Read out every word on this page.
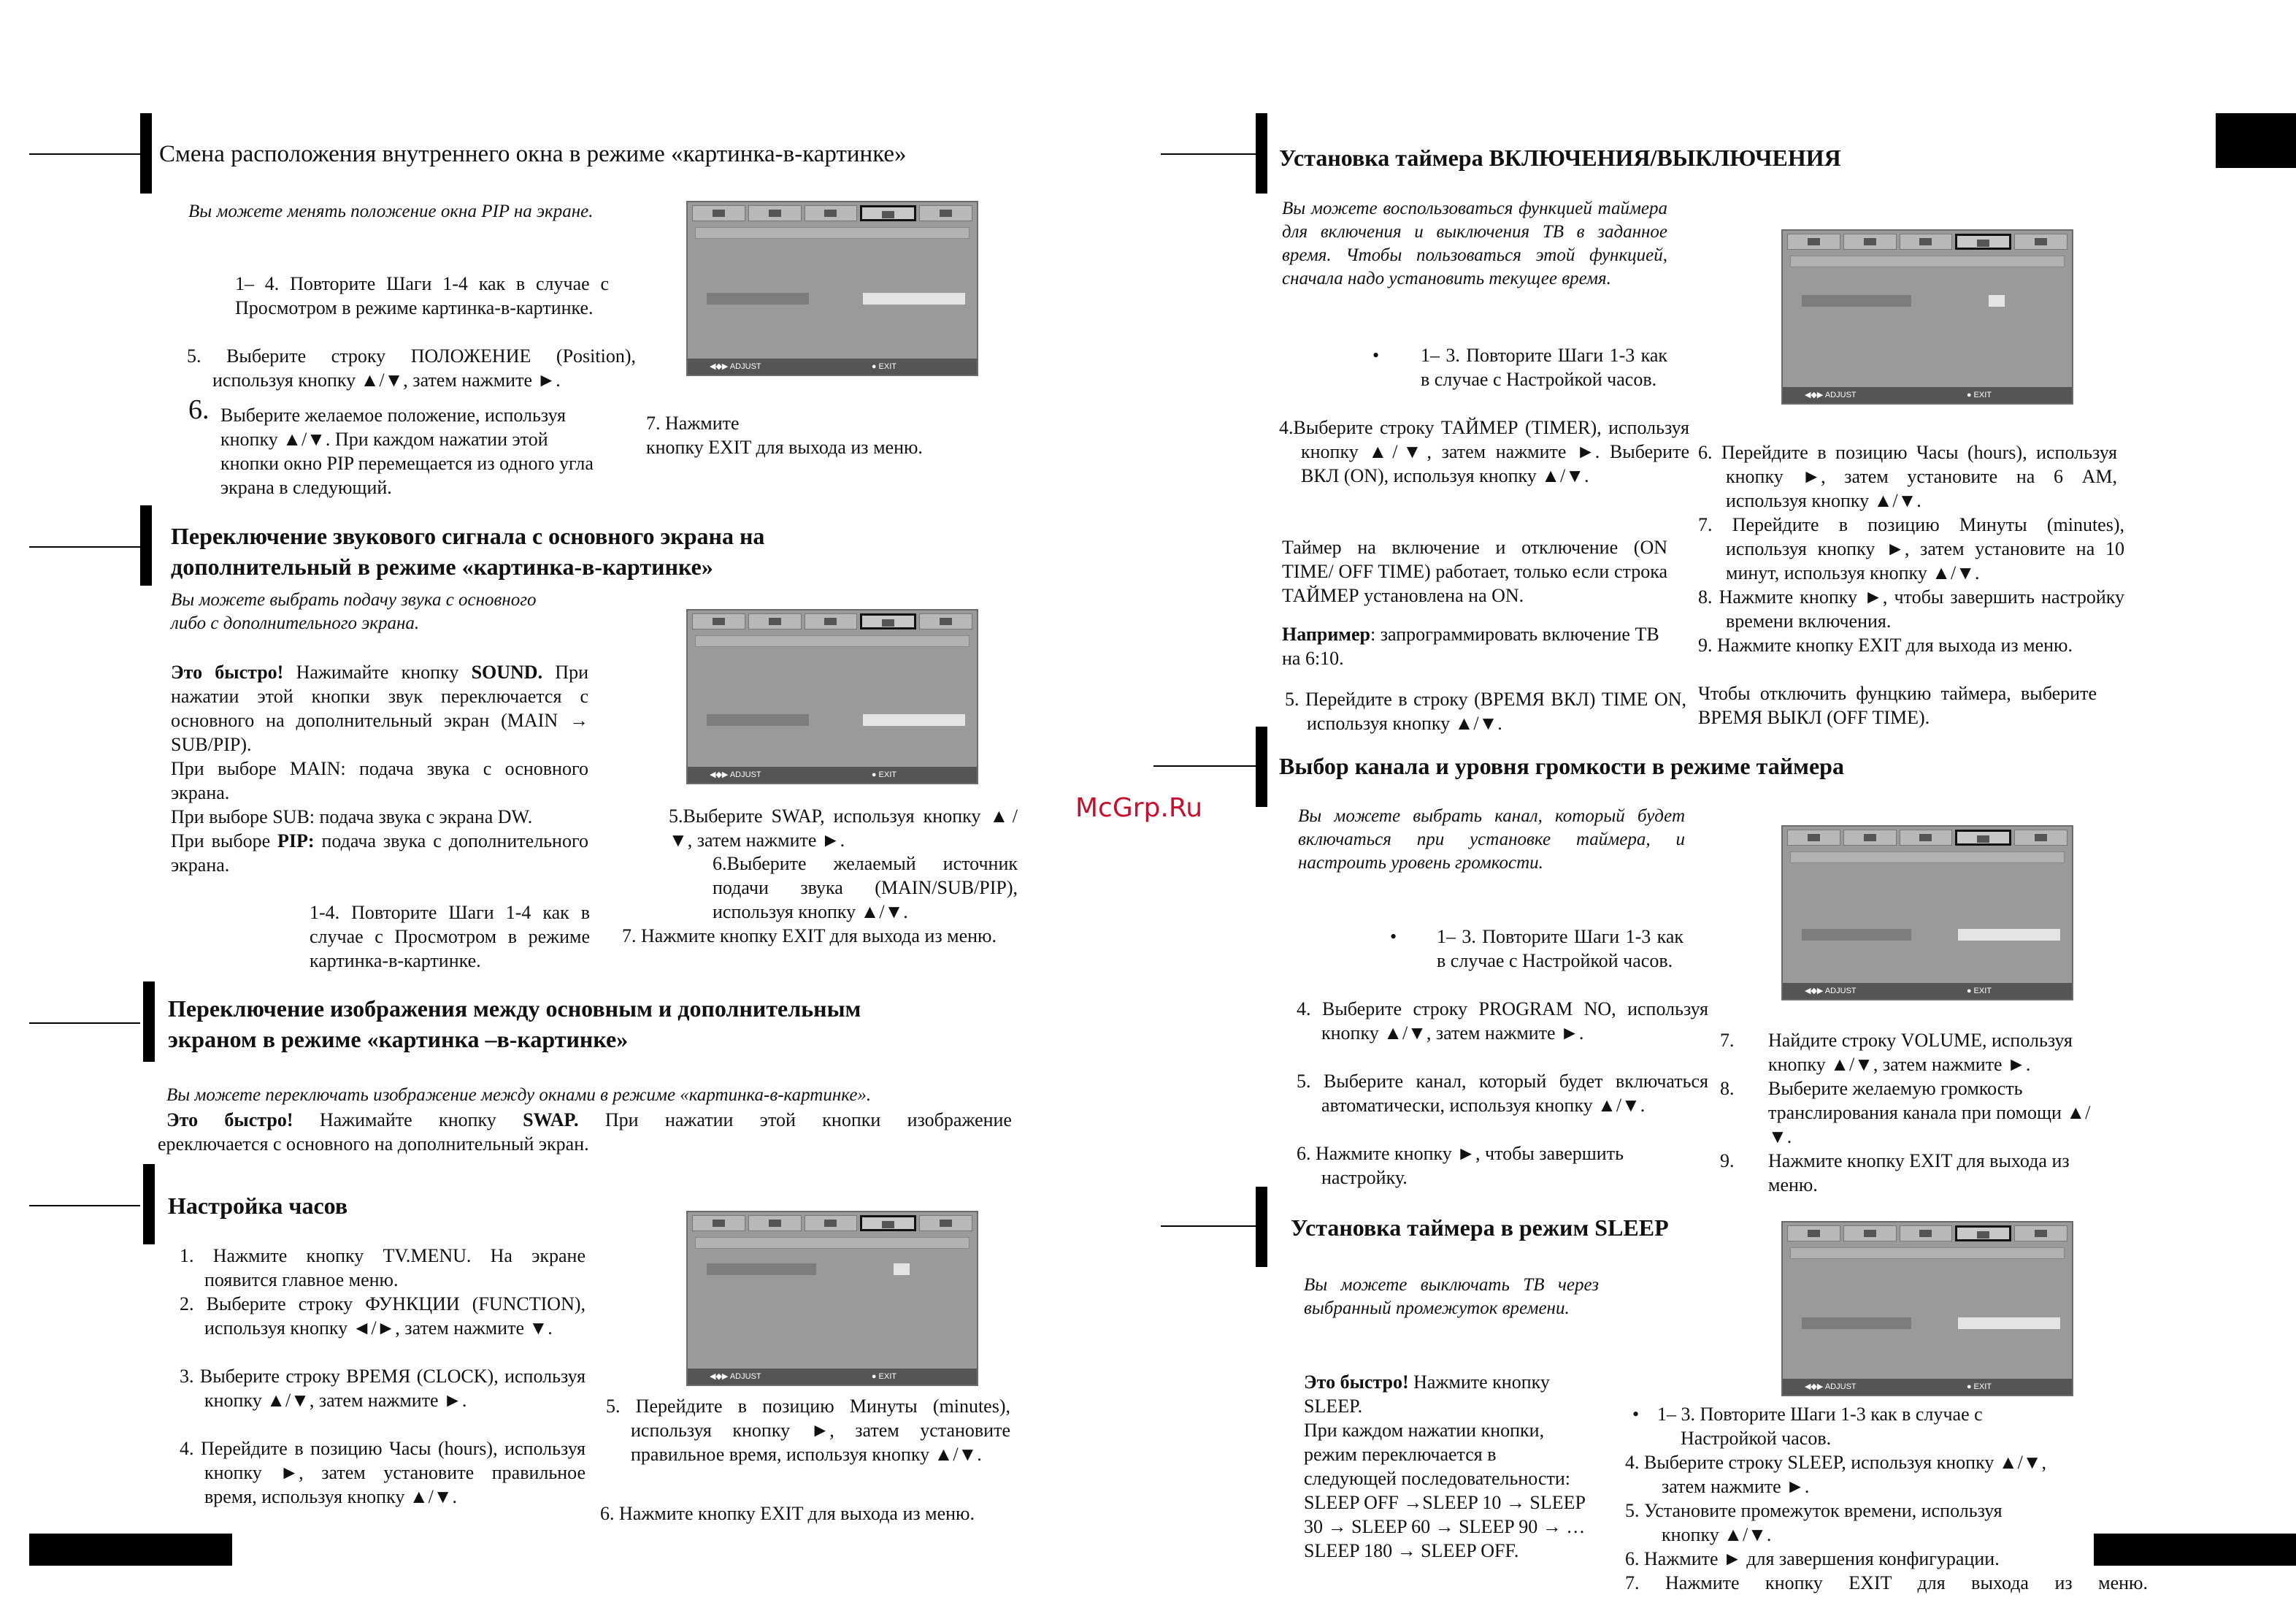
Смена расположения внутреннего окна в режиме «картинка-в-картинке»
Вы можете менять положение окна PIP на экране.
1– 4. Повторите Шаги 1-4 как в случае с Просмотром в режиме картинка-в-картинке.
5. Выберите строку ПОЛОЖЕНИЕ (Position), используя кнопку ▲/▼, затем нажмите ►.
6. Выберите желаемое положение, используя кнопку ▲/▼. При каждом нажатии этой кнопки окно PIP перемещается из одного угла экрана в следующий.
◀◆▶ ADJUST	● EXIT
7. Нажмите
кнопку EXIT для выхода из меню.
Переключение звукового сигнала с основного экрана на
дополнительный в режиме «картинка-в-картинке»
Вы можете выбрать подачу звука с основного либо с дополнительного экрана.
Это быстро! Нажимайте кнопку SOUND. При нажатии этой кнопки звук переключается с основного на дополнительный экран (MAIN → SUB/PIP).
При выборе MAIN: подача звука с основного экрана.
При выборе SUB: подача звука с экрана DW.
При выборе PIP: подача звука с дополнительного экрана.
1-4. Повторите Шаги 1-4 как в случае с Просмотром в режиме картинка-в-картинке.
◀◆▶ ADJUST	● EXIT
5.Выберите SWAP, используя кнопку ▲/▼, затем нажмите ►.
6.Выберите желаемый источник подачи звука (MAIN/SUB/PIP), используя кнопку ▲/▼.
7. Нажмите кнопку EXIT для выхода из меню.
Переключение изображения между основным и дополнительным
экраном в режиме «картинка –в-картинке»
Вы можете переключать изображение между окнами в режиме «картинка-в-картинке».
Это быстро! Нажимайте кнопку SWAP. При нажатии этой кнопки изображение
ереключается с основного на дополнительный экран.
Настройка часов
1. Нажмите кнопку TV.MENU. На экране появится главное меню.
2. Выберите строку ФУНКЦИИ (FUNCTION), используя кнопку ◄/►, затем нажмите ▼.
3. Выберите строку ВРЕМЯ (CLOCK), используя кнопку ▲/▼, затем нажмите ►.
4. Перейдите в позицию Часы (hours), используя кнопку ►, затем установите правильное время, используя кнопку ▲/▼.
◀◆▶ ADJUST	● EXIT
5. Перейдите в позицию Минуты (minutes), используя кнопку ►, затем установите правильное время, используя кнопку ▲/▼.
6. Нажмите кнопку EXIT для выхода из меню.
Установка таймера ВКЛЮЧЕНИЯ/ВЫКЛЮЧЕНИЯ
Вы можете воспользоваться функцией таймера для включения и выключения ТВ в заданное время. Чтобы пользоваться этой функцией, сначала надо установить текущее время.
• 1– 3. Повторите Шаги 1-3 как в случае с Настройкой часов.
4.Выберите строку ТАЙМЕР (TIMER), используя кнопку ▲/▼, затем нажмите ►. Выберите ВКЛ (ON), используя кнопку ▲/▼.
Таймер на включение и отключение (ON TIME/ OFF TIME) работает, только если строка ТАЙМЕР установлена на ON.
Например: запрограммировать включение ТВ на 6:10.
5. Перейдите в строку (ВРЕМЯ ВКЛ) TIME ON, используя кнопку ▲/▼.
◀◆▶ ADJUST	● EXIT
6. Перейдите в позицию Часы (hours), используя кнопку ►, затем установите на 6 AM, используя кнопку ▲/▼.
7. Перейдите в позицию Минуты (minutes), используя кнопку ►, затем установите на 10 минут, используя кнопку ▲/▼.
8. Нажмите кнопку ►, чтобы завершить настройку времени включения.
9. Нажмите кнопку EXIT для выхода из меню.
Чтобы отключить фунцкию таймера, выберите ВРЕМЯ ВЫКЛ (OFF TIME).
Выбор канала и уровня громкости в режиме таймера
Вы можете выбрать канал, который будет включаться при установке таймера, и настроить уровень громкости.
• 1– 3. Повторите Шаги 1-3 как в случае с Настройкой часов.
4. Выберите строку PROGRAM NO, используя кнопку ▲/▼, затем нажмите ►.
5. Выберите канал, который будет включаться автоматически, используя кнопку ▲/▼.
6. Нажмите кнопку ►, чтобы завершить настройку.
◀◆▶ ADJUST	● EXIT
7. Найдите строку VOLUME, используя кнопку ▲/▼, затем нажмите ►.
8. Выберите желаемую громкость транслирования канала при помощи ▲/▼.
9. Нажмите кнопку EXIT для выхода из меню.
Установка таймера в режим SLEEP
Вы можете выключать ТВ через выбранный промежуток времени.
Это быстро! Нажмите кнопку SLEEP.
При каждом нажатии кнопки, режим переключается в следующей последовательности: SLEEP OFF →SLEEP 10 → SLEEP 30 → SLEEP 60 → SLEEP 90 → …SLEEP 180 → SLEEP OFF.
◀◆▶ ADJUST	● EXIT
• 1– 3. Повторите Шаги 1-3 как в случае с Настройкой часов.
4. Выберите строку SLEEP, используя кнопку ▲/▼, затем нажмите ►.
5. Установите промежуток времени, используя кнопку ▲/▼.
6. Нажмите ► для завершения конфигурации.
7. Нажмите кнопку EXIT для выхода из меню.
McGrp.Ru
